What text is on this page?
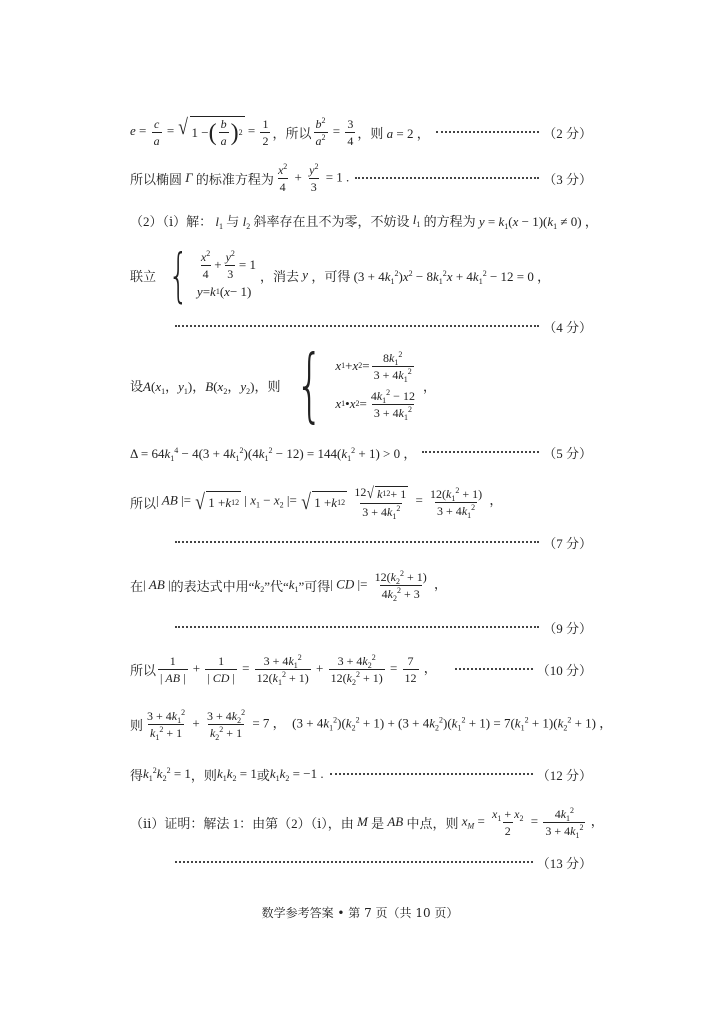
$e = \frac{c}{a}$ = √ 1 − ( $\frac{b}{a}$ ) $2 = \frac{1}{2}$ ，所以 $\frac{b^2}{a^2} = \frac{3}{4}$ ，则 a = 2 ，	（2 分）
所以椭圆 Γ 的标准方程为 $\frac{x^2}{4} + \frac{y^2}{3} = 1$ .	（3 分）
（2）（ⅰ）解： $l_1$ 与 $l_2$ 斜率存在且不为零，不妨设 $l_1$ 的方程为 $y = k_1(x - 1)(k_1 \ne 0)$ ，
联立 { $\frac{x^2}{4} + \frac{y^2}{3} = 1$
y = k 1 ( x − 1)
，消去 y ，可得 $(3 + 4k_1^2)x^2 - 8k_1^2x + 4k_1^2 - 12 = 0$ ，
（4 分）
设 $A(x_1$，$y_1$)，$B(x_2$，$y_2$) ，则 { x 1 + x $2 = \frac{8k_1^2}{3 + 4k_1^2}$
x 1 • x $2 = \frac{4k_1^2 - 12}{3 + 4k_1^2}$
，
$\Delta = 64k_1^4 - 4(3 + 4k_1^2)(4k_1^2 - 12) = 144(k_1^2 + 1) > 0$ ，	（5 分）
所以 | AB |= √ 1 + k 1 2 | $x_1 - x_2$ |= √ 1 + k 1 2
$\frac{12 √ k 1 2 + 1}{3 + 4k_1^2} = \frac{12(k_1^2 + 1)}{3 + 4k_1^2}$ ，
（7 分）
在 | AB | 的表达式中用“ $k_2$ ”代“ $k_1$ ”可得 | CD |= $\frac{12(k_2^2 + 1)}{4k_2^2 + 3}$ ，
（9 分）
所以 $\frac{1}{| AB |} + \frac{1}{| CD |} = \frac{3 + 4k_1^2}{12(k_1^2 + 1)} + \frac{3 + 4k_2^2}{12(k_2^2 + 1)} = \frac{7}{12}$ ，	（10 分）
则 $\frac{3 + 4k_1^2}{k_1^2 + 1} + \frac{3 + 4k_2^2}{k_2^2 + 1} = 7$ ，  $(3 + 4k_1^2)(k_2^2 + 1) + (3 + 4k_2^2)(k_1^2 + 1) = 7(k_1^2 + 1)(k_2^2 + 1)$ ，
得 $k_1^2k_2^2 = 1$ ，则 $k_1k_2 = 1$ 或 $k_1k_2 = -1$ .	（12 分）
（ⅱ）证明：解法 1：由第（2）（ⅰ），由 M 是 AB 中点，则 $x_M = \frac{x_1 + x_2}{2} = \frac{4k_1^2}{3 + 4k_1^2}$ ，
（13 分）
数学参考答案 • 第 7 页（共 10 页）
